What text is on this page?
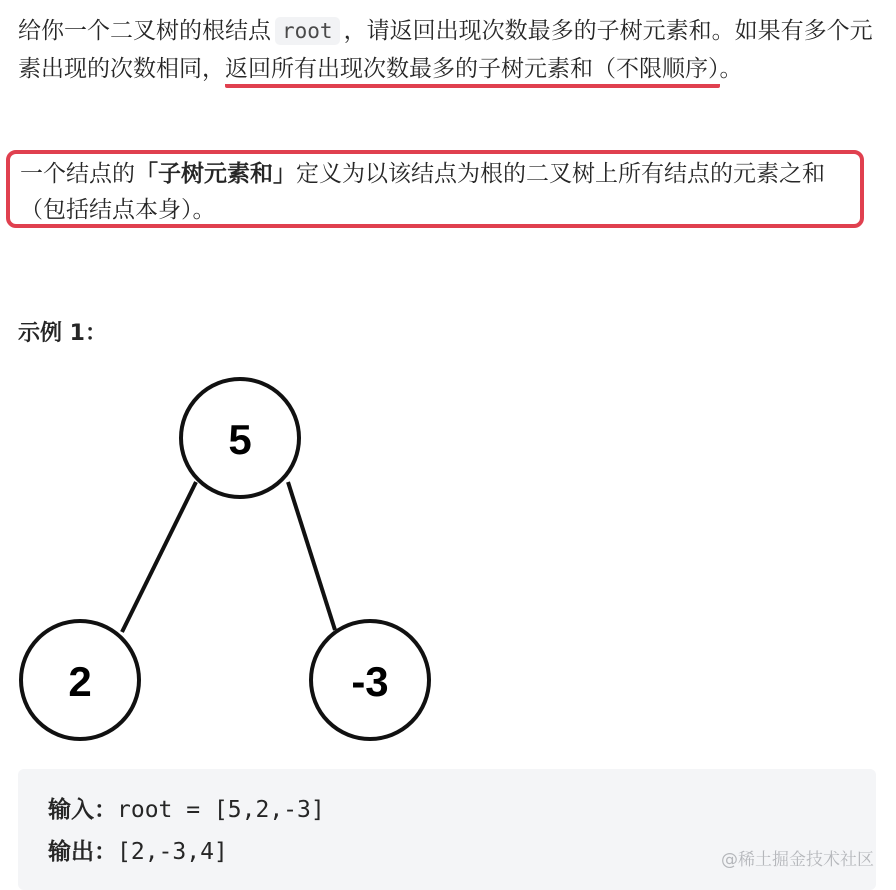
给你一个二叉树的根结点 root ，请返回出现次数最多的子树元素和。如果有多个元素出现的次数相同，返回所有出现次数最多的子树元素和（不限顺序）。

一个结点的「子树元素和」定义为以该结点为根的二叉树上所有结点的元素之和（包括结点本身）。
示例 1：
5
2	-3
输入：root = [5,2,-3]
输出：[2,-3,4]	@稀土掘金技术社区
